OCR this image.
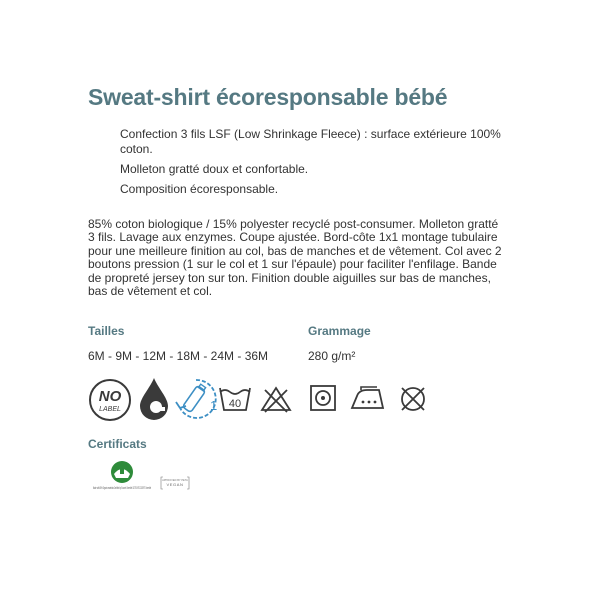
Sweat-shirt écoresponsable bébé
Confection 3 fils LSF (Low Shrinkage Fleece) : surface extérieure 100% coton.
Molleton gratté doux et confortable.
Composition écoresponsable.
85% coton biologique / 15% polyester recyclé post-consumer. Molleton gratté 3 fils. Lavage aux enzymes. Coupe ajustée. Bord-côte 1x1 montage tubulaire pour une meilleure finition au col, bas de manches et de vêtement. Col avec 2 boutons pression (1 sur le col et 1 sur l'épaule) pour faciliter l'enfilage. Bande de propreté jersey ton sur ton. Finition double aiguilles sur bas de manches, bas de vêtement et col.
Tailles
6M - 9M - 12M - 18M - 24M - 36M
Grammage
280 g/m²
NO
LABEL	1 40
Certificats
Made with 85% Organic materials Certified by Ecocert Greenlife GOTS N°ECOCERT Greenlife
APPROVED BY PETA
VEGAN
